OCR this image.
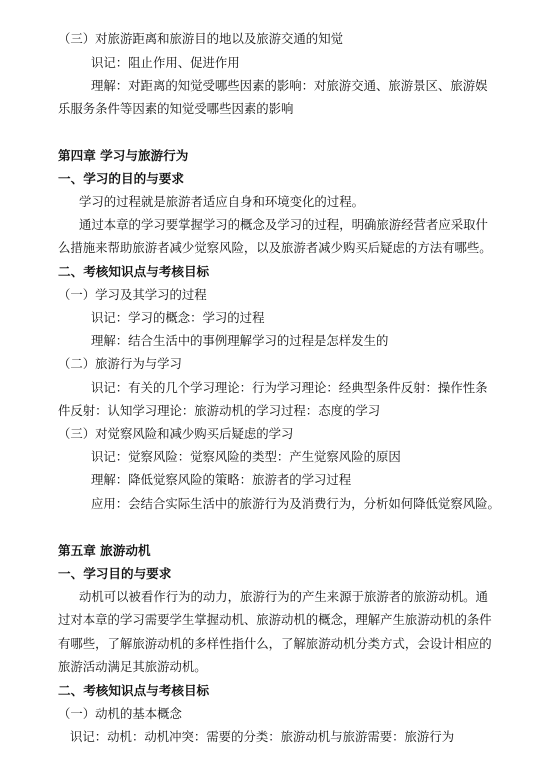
（三）对旅游距离和旅游目的地以及旅游交通的知觉
识记：阻止作用、促进作用
理解：对距离的知觉受哪些因素的影响：对旅游交通、旅游景区、旅游娱
乐服务条件等因素的知觉受哪些因素的影响
第四章 学习与旅游行为
一、学习的目的与要求
学习的过程就是旅游者适应自身和环境变化的过程。
通过本章的学习要掌握学习的概念及学习的过程，明确旅游经营者应采取什
么措施来帮助旅游者减少觉察风险，以及旅游者减少购买后疑虑的方法有哪些。
二、考核知识点与考核目标
（一）学习及其学习的过程
识记：学习的概念：学习的过程
理解：结合生活中的事例理解学习的过程是怎样发生的
（二）旅游行为与学习
识记：有关的几个学习理论：行为学习理论：经典型条件反射：操作性条
件反射：认知学习理论：旅游动机的学习过程：态度的学习
（三）对觉察风险和减少购买后疑虑的学习
识记：觉察风险：觉察风险的类型：产生觉察风险的原因
理解：降低觉察风险的策略：旅游者的学习过程
应用：会结合实际生活中的旅游行为及消费行为，分析如何降低觉察风险。
第五章 旅游动机
一、学习目的与要求
动机可以被看作行为的动力，旅游行为的产生来源于旅游者的旅游动机。通
过对本章的学习需要学生掌握动机、旅游动机的概念，理解产生旅游动机的条件
有哪些，了解旅游动机的多样性指什么，了解旅游动机分类方式，会设计相应的
旅游活动满足其旅游动机。
二、考核知识点与考核目标
（一）动机的基本概念
识记：动机：动机冲突：需要的分类：旅游动机与旅游需要：旅游行为
